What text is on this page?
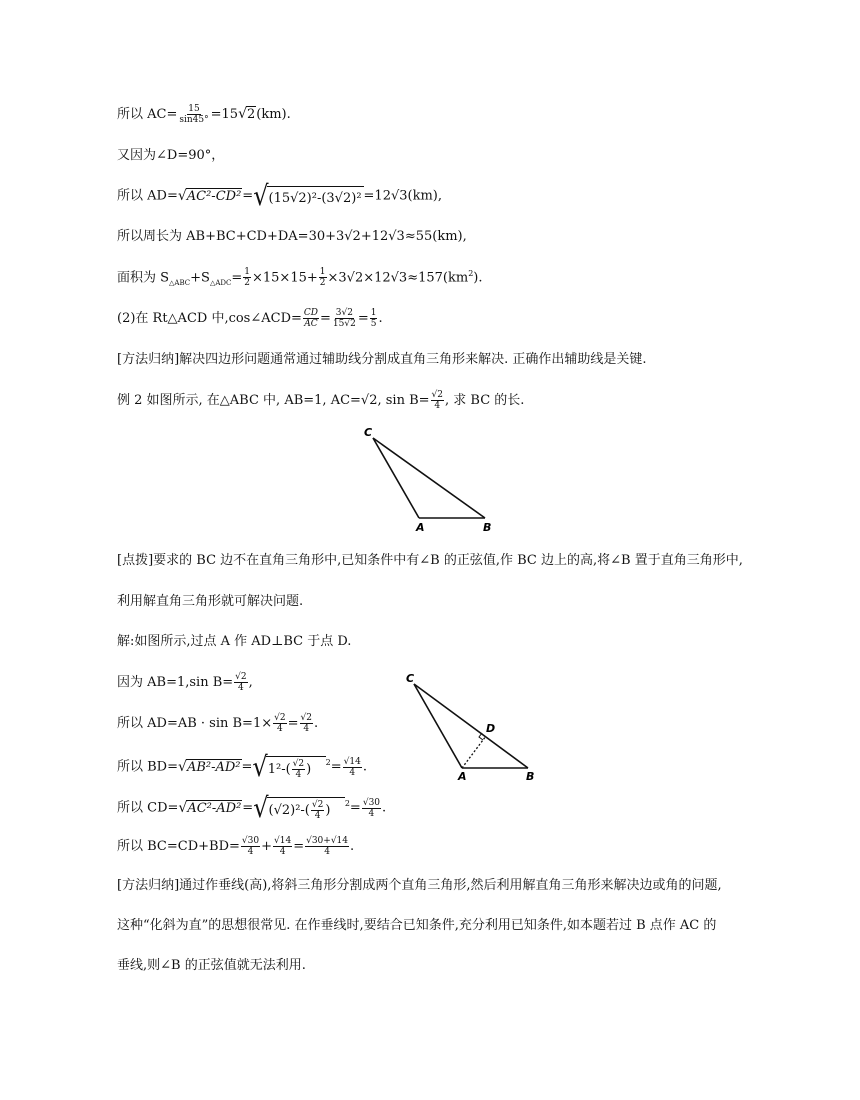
所以 $AC= \frac{15}{\sin 45^\circ} =15√2(km)$.
又因为∠D=90°，
所以 AD=√AC²-CD²= √ (15√2)²-(3√2)² =12√3(km),
所以周长为 AB+BC+CD+DA=30+3√2+12√3≈55(km),
面积为 $S_{\triangle ABC}+S_{\triangle ADC}= \frac{1}{2} \times 15\times 15+ \frac{1}{2} \times 3√2\times 12√3\approx 157(km^2)$.
(2)在 Rt△ACD 中,cos∠ACD= $\frac{CD}{AC} = \frac{3√2}{15√2} = \frac{1}{5}$ .
[方法归纳]解决四边形问题通常通过辅助线分割成直角三角形来解决. 正确作出辅助线是关键.
例 2 如图所示, 在△ABC 中, AB=1, AC=√2, $\sin B= \frac{√2}{4}$ , 求 BC 的长.
C
A	B
[点拨]要求的 BC 边不在直角三角形中,已知条件中有∠B 的正弦值,作 BC 边上的高,将∠B 置于直角三角形中,
利用解直角三角形就可解决问题.
解:如图所示,过点 A 作 AD⊥BC 于点 D.
因为 AB=1,sin $B= \frac{√2}{4}$ ,
所以 $AD=AB \cdot \sin B=1\times \frac{√2}{4} = \frac{√2}{4}$ .
所以 BD=√AB²-AD²= √ $1^2-( \frac{√2}{4}$ )	$^2= \frac{√14}{4}$ .
所以 CD=√AC²-AD²= √ $(√2)^2-( \frac{√2}{4}$ )	$^2= \frac{√30}{4}$ .
所以 $BC=CD+BD= \frac{√30}{4} + \frac{√14}{4} = \frac{√30+√14}{4}$ .
C
A	B
D
[方法归纳]通过作垂线(高),将斜三角形分割成两个直角三角形,然后利用解直角三角形来解决边或角的问题,
这种“化斜为直”的思想很常见. 在作垂线时,要结合已知条件,充分利用已知条件,如本题若过 B 点作 AC 的
垂线,则∠B 的正弦值就无法利用.
